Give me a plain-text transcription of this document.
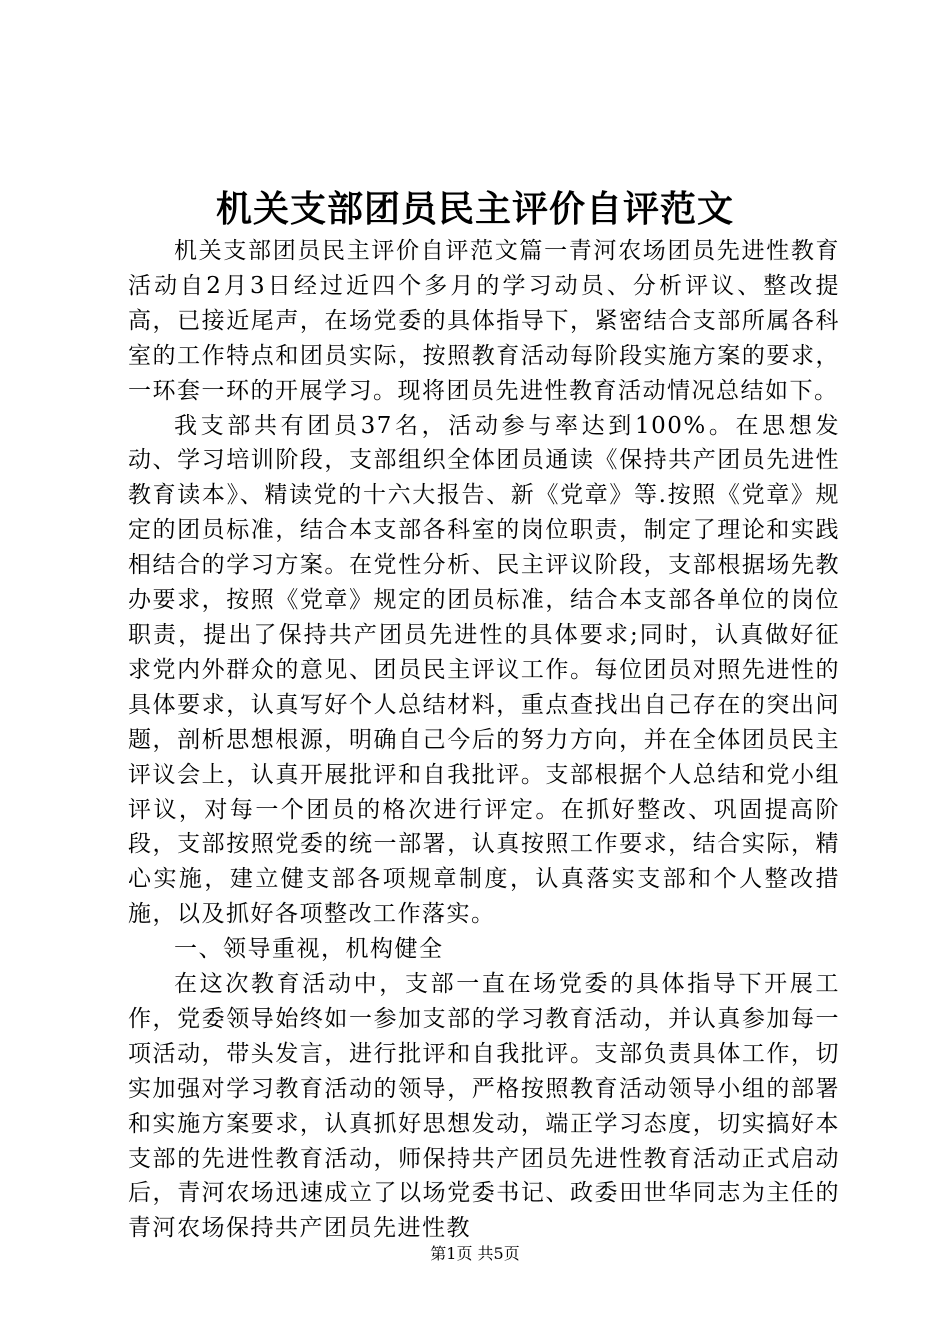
机关支部团员民主评价自评范文

机关支部团员民主评价自评范文篇一青河农场团员先进性教育活动自2月3日经过近四个多月的学习动员、分析评议、整改提高，已接近尾声，在场党委的具体指导下，紧密结合支部所属各科室的工作特点和团员实际，按照教育活动每阶段实施方案的要求，一环套一环的开展学习。现将团员先进性教育活动情况总结如下。

我支部共有团员37名，活动参与率达到100%。在思想发动、学习培训阶段，支部组织全体团员通读《保持共产团员先进性教育读本》、精读党的十六大报告、新《党章》等.按照《党章》规定的团员标准，结合本支部各科室的岗位职责，制定了理论和实践相结合的学习方案。在党性分析、民主评议阶段，支部根据场先教办要求，按照《党章》规定的团员标准，结合本支部各单位的岗位职责，提出了保持共产团员先进性的具体要求;同时，认真做好征求党内外群众的意见、团员民主评议工作。每位团员对照先进性的具体要求，认真写好个人总结材料，重点查找出自己存在的突出问题，剖析思想根源，明确自己今后的努力方向，并在全体团员民主评议会上，认真开展批评和自我批评。支部根据个人总结和党小组评议，对每一个团员的格次进行评定。在抓好整改、巩固提高阶段，支部按照党委的统一部署，认真按照工作要求，结合实际，精心实施，建立健支部各项规章制度，认真落实支部和个人整改措施，以及抓好各项整改工作落实。

一、领导重视，机构健全

在这次教育活动中，支部一直在场党委的具体指导下开展工作，党委领导始终如一参加支部的学习教育活动，并认真参加每一项活动，带头发言，进行批评和自我批评。支部负责具体工作，切实加强对学习教育活动的领导，严格按照教育活动领导小组的部署和实施方案要求，认真抓好思想发动，端正学习态度，切实搞好本支部的先进性教育活动，师保持共产团员先进性教育活动正式启动后，青河农场迅速成立了以场党委书记、政委田世华同志为主任的青河农场保持共产团员先进性教

第1页 共5页
